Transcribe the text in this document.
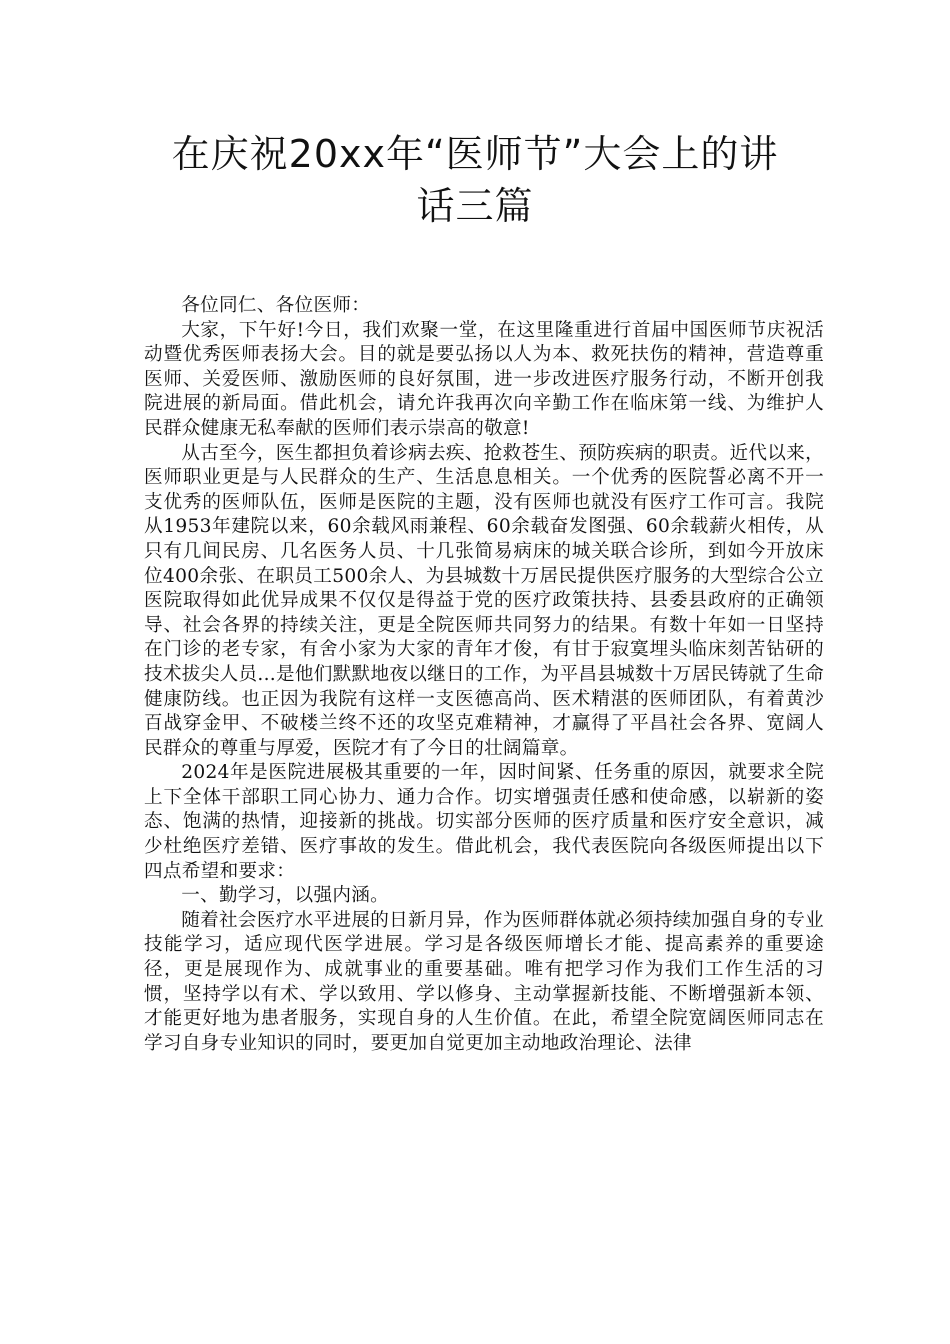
在庆祝20xx年“医师节”大会上的讲
话三篇

各位同仁、各位医师：

大家，下午好!今日，我们欢聚一堂，在这里隆重进行首届中国医师节庆祝活动暨优秀医师表扬大会。目的就是要弘扬以人为本、救死扶伤的精神，营造尊重医师、关爱医师、激励医师的良好氛围，进一步改进医疗服务行动，不断开创我院进展的新局面。借此机会，请允许我再次向辛勤工作在临床第一线、为维护人民群众健康无私奉献的医师们表示崇高的敬意!

从古至今，医生都担负着诊病去疾、抢救苍生、预防疾病的职责。近代以来，医师职业更是与人民群众的生产、生活息息相关。一个优秀的医院誓必离不开一支优秀的医师队伍，医师是医院的主题，没有医师也就没有医疗工作可言。我院从1953年建院以来，60余载风雨兼程、60余载奋发图强、60余载薪火相传，从只有几间民房、几名医务人员、十几张简易病床的城关联合诊所，到如今开放床位400余张、在职员工500余人、为县城数十万居民提供医疗服务的大型综合公立医院取得如此优异成果不仅仅是得益于党的医疗政策扶持、县委县政府的正确领导、社会各界的持续关注，更是全院医师共同努力的结果。有数十年如一日坚持在门诊的老专家，有舍小家为大家的青年才俊，有甘于寂寞埋头临床刻苦钻研的技术拔尖人员...是他们默默地夜以继日的工作，为平昌县城数十万居民铸就了生命健康防线。也正因为我院有这样一支医德高尚、医术精湛的医师团队，有着黄沙百战穿金甲、不破楼兰终不还的攻坚克难精神，才赢得了平昌社会各界、宽阔人民群众的尊重与厚爱，医院才有了今日的壮阔篇章。

2024年是医院进展极其重要的一年，因时间紧、任务重的原因，就要求全院上下全体干部职工同心协力、通力合作。切实增强责任感和使命感，以崭新的姿态、饱满的热情，迎接新的挑战。切实部分医师的医疗质量和医疗安全意识，减少杜绝医疗差错、医疗事故的发生。借此机会，我代表医院向各级医师提出以下四点希望和要求：

一、勤学习，以强内涵。

随着社会医疗水平进展的日新月异，作为医师群体就必须持续加强自身的专业技能学习，适应现代医学进展。学习是各级医师增长才能、提高素养的重要途径，更是展现作为、成就事业的重要基础。唯有把学习作为我们工作生活的习惯，坚持学以有术、学以致用、学以修身、主动掌握新技能、不断增强新本领、才能更好地为患者服务，实现自身的人生价值。在此，希望全院宽阔医师同志在学习自身专业知识的同时，要更加自觉更加主动地政治理论、法律
